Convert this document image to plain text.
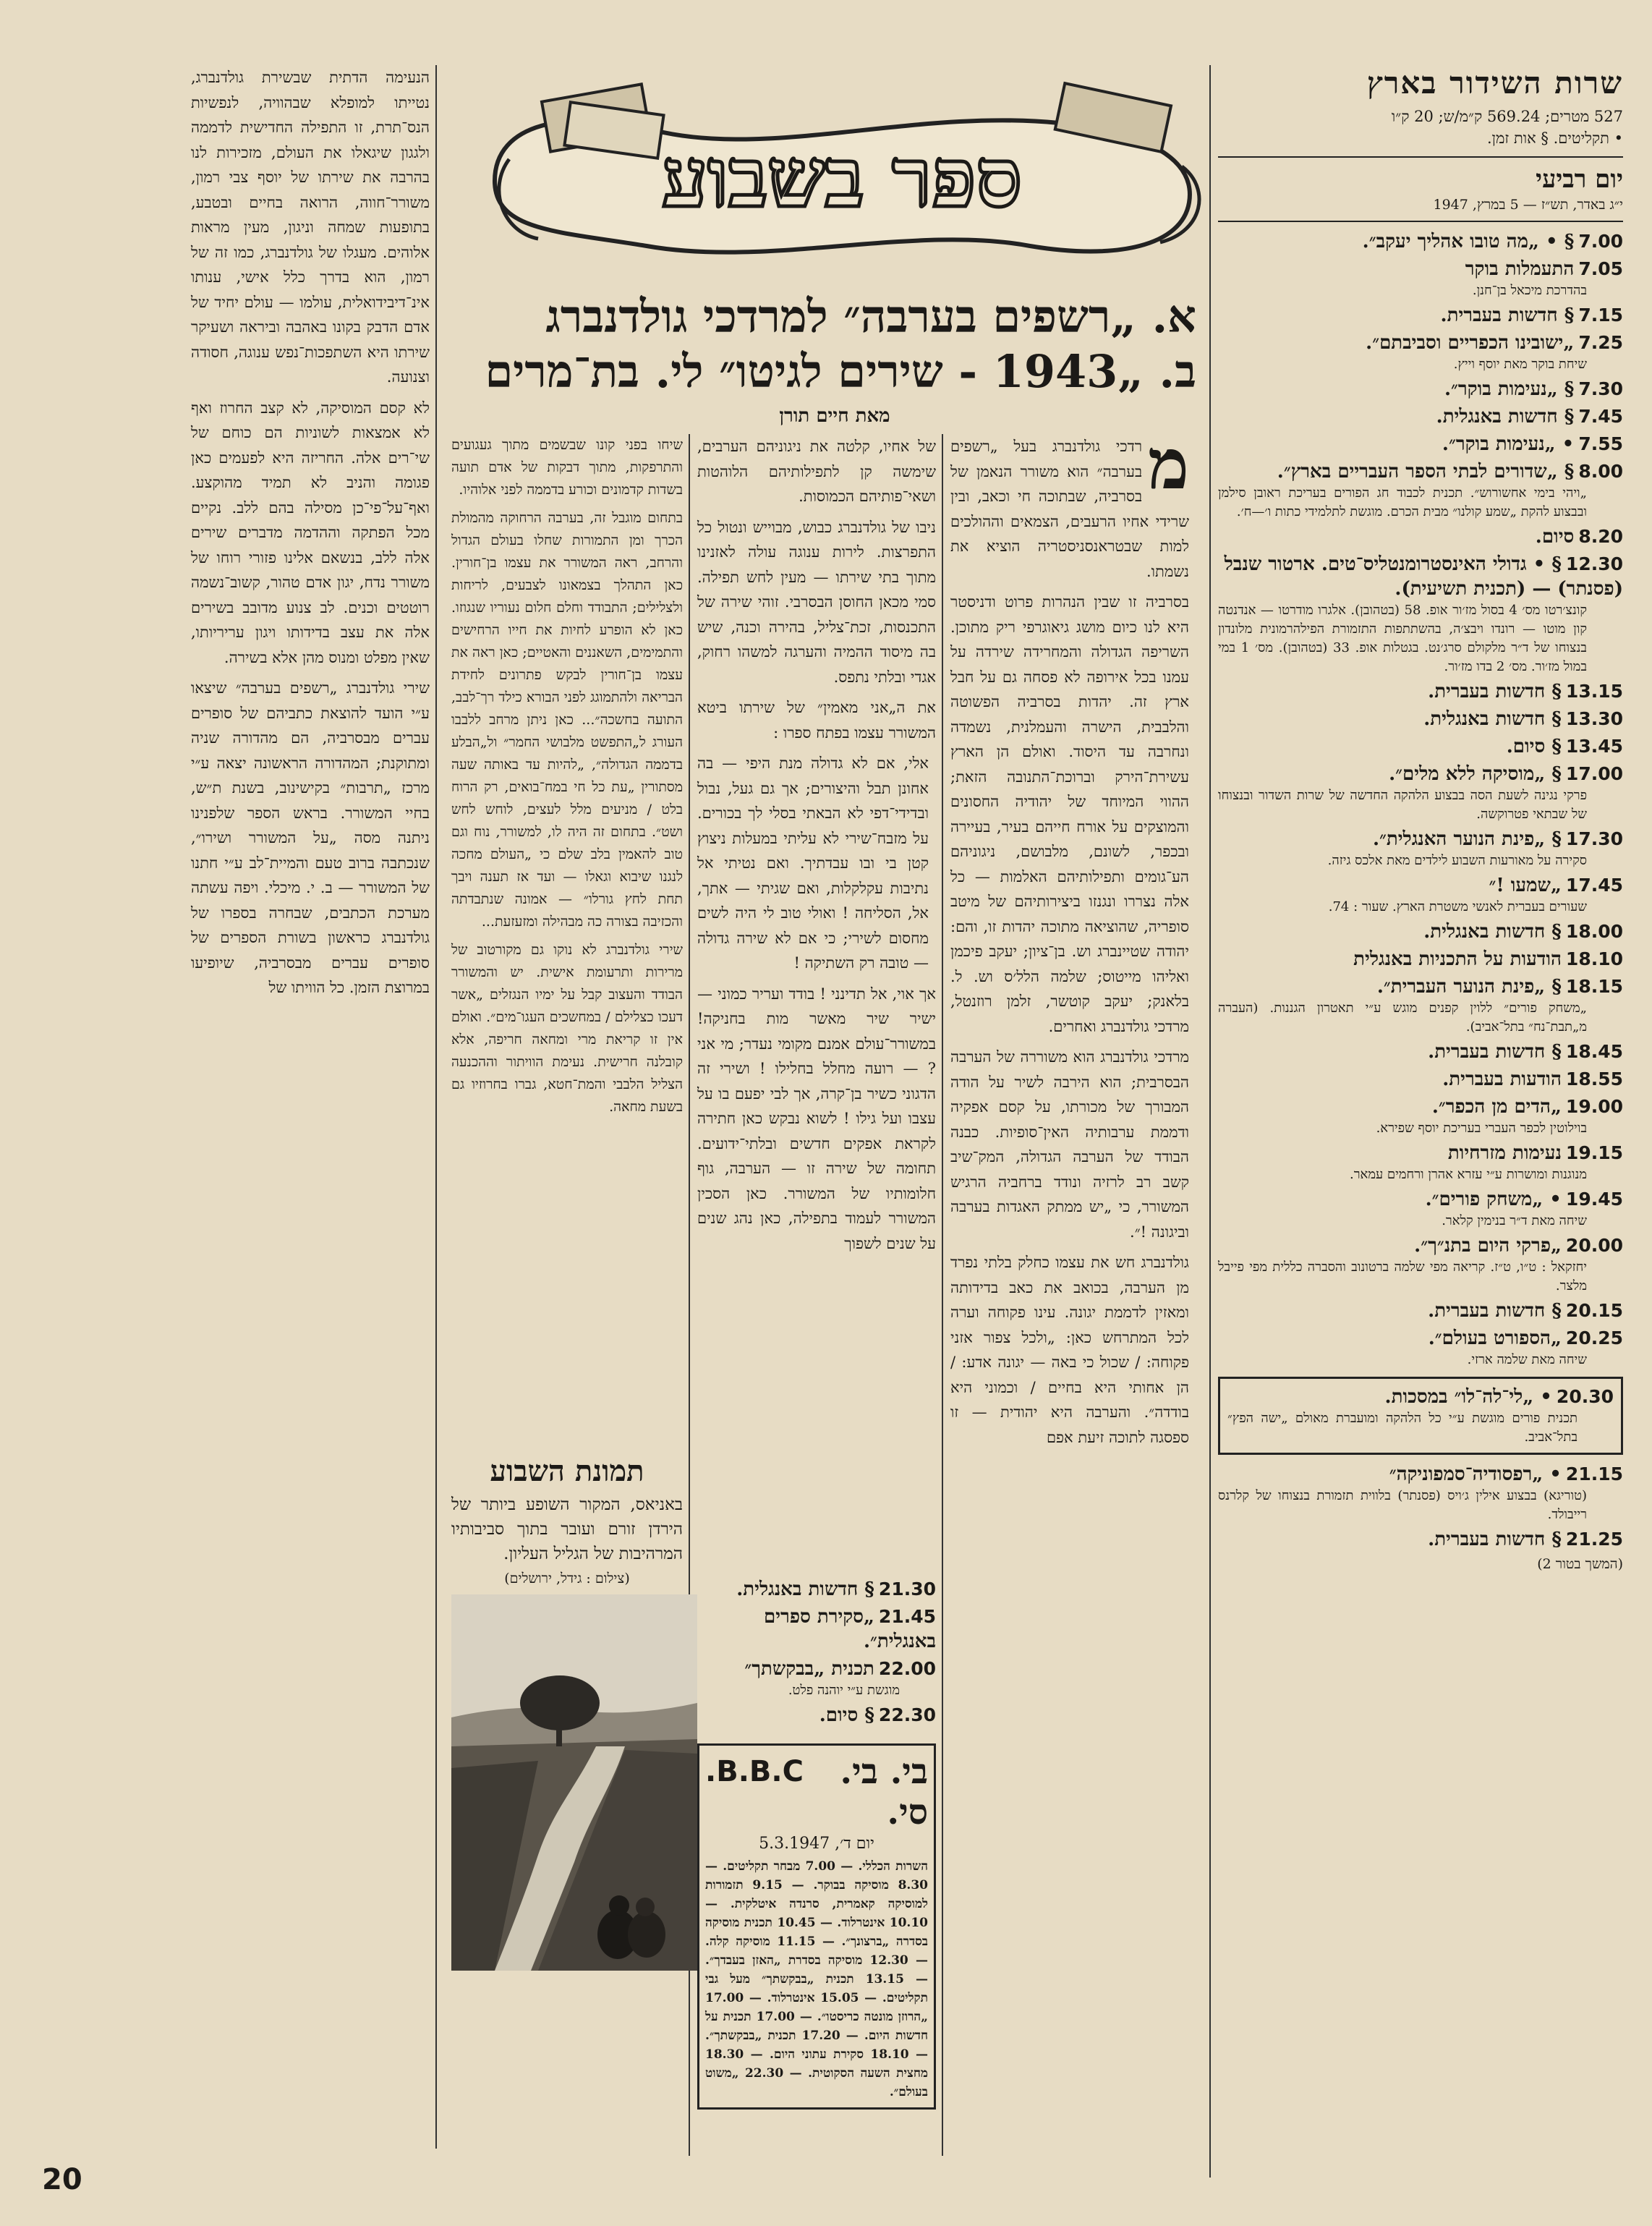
שרות השידור בארץ

527 מטרים; 569.24 ק״מ/ש; 20 ק״ו

• תקליטים. § אות זמן.

יום רביעי

י״ג באדר, תש״ז — 5 במרץ, 1947

7.00§ • „מה טובו אהליך יעקב״.
7.05התעמלות בוקר
בהדרכת מיכאל בן־חנן.
7.15§ חדשות בעברית.
7.25„ישובינו הכפריים וסביבתם״.
שיחת בוקר מאת יוסף וייץ.
7.30§ „נעימות בוקר״.
7.45§ חדשות באנגלית.
7.55• „נעימות בוקר״.
8.00§ „שדורים לבתי הספר העבריים בארץ״.
„ויהי בימי אחשורוש״. תכנית לכבוד חג הפורים בעריכת ראובן סילמן ובבצוע להקת „שמע קולנו״ מבית הכרם. מוגשת לתלמידי כתות ו׳—ח׳.
8.20סיום.
12.30§ • גדולי האינסטרומנטליס־טים. ארטור שנבל (פסנתר) — (תכנית תשיעית).
קונצ׳רטו מס׳ 4 בסול מז׳ור אופ. 58 (בטהובן). אלגרו מודרטו — אנדנטה קון מוטו — רונדו ויבצ׳ה, בהשתתפות התזמורת הפילהרמונית מלונדון בנצוחו של ד״ר מלקולם סרג׳נט. בגטלות אופ. 33 (בטהובן). מס׳ 1 במי במול מז׳ור. מס׳ 2 בדו מז׳ור.
13.15§ חדשות בעברית.
13.30§ חדשות באנגלית.
13.45§ סיום.
17.00§ „מוסיקה ללא מלים״.
פרקי נגינה לשעת הסה בבצוע הלהקה החדשה של שרות השדור ובנצוחו של שבתאי פטרוקשה.
17.30§ „פינת הנוער האנגלית״.
סקירה על מאורעות השבוע לילדים מאת אלכס גיזה.
17.45„שמעו !״
שעורים בעברית לאנשי משטרת הארץ. שעור : 74.
18.00§ חדשות באנגלית.
18.10הודעות על התכניות באנגלית
18.15§ „פינת הנוער העברית״.
„משחק פורים״ ללוין קפנים מוגש ע״י תאטרון הגננות. (העברה מ„תבת־נח״ בתל־אביב).
18.45§ חדשות בעברית.
18.55הודעות בעברית.
19.00„הדים מן הכפר״.
בוילוטין לכפר העברי בעריכת יוסף שפירא.
19.15נעימות מזרחיות
מנוגנות ומושרות ע״י עזרא אהרן ורחמים עמאר.
19.45• „משחק פורים״.
שיחה מאת ד״ר בנימין קלאר.
20.00„פרקי היום בתנ״ך״.
יחזקאל : ט״ו, ט״ז. קריאה מפי שלמה ברטונוב והסברה כללית מפי פייבל מלצר.
20.15§ חדשות בעברית.
20.25„הספורט בעולם״.
שיחה מאת שלמה ארזי.
20.30• „לי־לה־לו״ במסכות.
תכנית פורים מוגשת ע״י כל הלהקה ומועברת מאולם „ישה הפץ״ בתל־אביב.
21.15• „רפסודיה־סמפוניקה״
(טוריגא) בבצוע אילין ג׳ויס (פסנתר) בלווית תזמורת בנצוחו של קלרנס רייבולד.
21.25§ חדשות בעברית.
(המשך בטור 2)
ספר בשבוע

א. „רשפים בערבה״ למרדכי גולדנברג

ב. „1943 - שירים לגיטו״ לי. בת־מרים

מאת חיים תורן

מ

רדכי גולדנברג בעל „רשפים בערבה״ הוא משורר הנאמן של בסרביה, שבתוכה חי וכאב, ובין שרידי אחיו הרעבים, הצמאים וההולכים למות שבטראנסניסטריה הוציא את נשמתו.

בסרביה זו שבין הנהרות פרוט ודניסטר היא לנו כיום מושג גיאוגרפי ריק מתוכן. השריפה הגדולה והמחרידה שירדה על עמנו בכל אירופה לא פסחה גם על חבל ארץ זה. יהדות בסרביה הפשוטה והלבבית, הישרה והעמלנית, נשמדה ונחרבה עד היסוד. ואולם הן הארץ עשירת־הירק וברוכת־התנובה הזאת; ההווי המיוחד של יהודיה החסונים והמוצקים על אורח חייהם בעיר, בעיירה ובכפר, לשונם, מלבושם, ניגוניהם הע־גומים ותפילותיהם האלמות — כל אלה נצררו ונגנזו ביצירותיהם של מיטב סופריה, שהוציאה מתוכה יהדות זו, והם: יהודה שטיינברג וש. בן־ציון; יעקב פיכמן ואליהו מייטוס; שלמה הלל׳ס וש. ל. בלאנק; יעקב קוטשר, זלמן רוזנטל, מרדכי גולדנברג ואחרים.

מרדכי גולדנברג הוא משוררה של הערבה הבסרבית; הוא הירבה לשיר על הודה המבורך של מכורתו, על קסם אפקיה ודממת ערבותיה האין־סופיות. כבנה הבודד של הערבה הגדולה, המק־שיב קשב רב לרזיה ונודד ברחביה הרגיש המשורר, כי „יש ממתק האגדות בערבה וביגונה !״.

גולדנברג חש את עצמו כחלק בלתי נפרד מן הערבה, בכואב את כאב בדידותה ומאזין לדממת יגונה. עינו פקוחה וערה לכל המתרחש כאן: „ולכל צפור אזני פקוחה: / שכול כי באה — יגונה אדע: / הן אחותי היא בחיים / וכמוני היא בודדה״. והערבה היא יהודית — זו ספסגה לתוכה זיעת אפם

של אחיו, קלטה את ניגוניהם הערבים, שימשה קן לתפילותיהם הלוהטות ושאי־פותיהם הכמוסות.

ניבו של גולדנברג כבוש, מבוייש ונטול כל התפרצות. לירות ענוגה עולה לאזנינו מתוך בתי שירתו — מעין לחש תפילה. סמי מכאן החוסן הבסרבי. זוהי שירה של התכנסות, זכת־צליל, בהירה וכנה, שיש בה מיסוד ההמיה והערגה למשהו רחוק, אגדי ובלתי נתפס.

את ה„אני מאמין״ של שירתו ביטא המשורר עצמו בפתח ספרו :

אלי, אם לא גדולה מנת היפי — בה אחונן תבל והיצורים; אך גם געל, נבול ובדידי־דפי לא הבאתי בסלי לך בכורים. על מזבח־שירי לא עליתי במעלות ניצוץ קטן בי ובו עבדתיך. ואם נטיתי אל נתיבות עקלקלות, ואם שגיתי — אתך, אל, הסליחה ! ואולי טוב לי היה לשים מחסום לשירי; כי אם לא שירה גדולה — טובה רק השתיקה !

אך אוי, אל תדינני ! בודד ועריר כמוני — ישיר שיר מאשר מות בחניקה! במשורר־עולם אמנם מקומי נעדר; מי אני ? — רועה מחלל בחלילו ! ושירי זה הדגוני כשיר בן־קרה, אך לבי יפעם בו על עצבו ועל גילו ! לשוא נבקש כאן חתירה לקראת אפקים חדשים ובלתי־ידועים. תחומה של שירה זו — הערבה, גוף חלומותיו של המשורר. כאן הסכין המשורר לעמוד בתפילה, כאן נהג שנים על שנים לשפוך

שיחו בפני קונו שבשמים מתוך געגועים והתרפקות, מתוך דבקות של אדם תועה בשדות קדמונים וכורע בדממה לפני אלוהיו.

בתחום מוגבל זה, בערבה הרחוקה מהמולת הכרך ומן התמורות שחלו בעולם הגדול והרחב, ראה המשורר את עצמו בן־חורין. כאן התהלך בצמאונו לצבעים, לריחות ולצלילים; התבודד וחלם חלום נעוריו שנגוזו. כאן לא הופרע לחיות את חייו הרחישים והתמימים, השאננים והאטיים; כאן ראה את עצמו בן־חורין לבקש פתרונים לחידת הבריאה ולהתמוגג לפני הבורא כילד רך־לבב, התועה בחשכה״... כאן ניתן מרחב ללבבו העורג ל„התפשט מלבושי החמר״ ול„הבלע בדממה הגדולה״, „להיות עד באותה שעה מסתורין „עת כל חי במח־בואים, רק הרוח בלט / מניעים מלל לעצים, לוחש לחש ושט״. בתחום זה היה לו, למשורר, נוח וגם טוב להאמין בלב שלם כי „העולם מחכה לנגנו שיבוא וגאלו — ועד אז תענה ויבך תחת לחץ גורלו״ — אמונה שנתבדתה והכזיבה בצורה כה מבהילה ומזעזעת...

שירי גולדנברג לא נוקו גם מקורטוב של מרירות ותרעומת אישית. יש והמשורר הבודד והעצוב קבל על ימיו הנגזלים „אשר דעכו כצלילם / במחשכים העגו־מים״. ואולם אין זו קריאת מרי ומחאה חריפה, אלא קובלנה חרישית. נעימת הוויתור וההכנעה הצליל הלבבי והמת־חטא, גברו בחרוזיו גם בשעת מחאה.

הנעימה הדתית שבשירת גולדנברג, נטייתו למופלא שבהוויה, לנפשיות הנס־תרת, זו התפילה החדישית לדממה ולגגון שיגאלו את העולם, מזכירות לנו בהרבה את שירתו של יוסף צבי רמון, משורר־חווה, הרואה בחיים ובטבע, בתופעות שמחה וניגון, מעין מראות אלוהים. מעגלו של גולדנברג, כמו זה של רמון, הוא בדרך כלל אישי, ענותו אינ־דיבידואלית, עולמו — עולם יחיד של אדם הדבק בקונו באהבה וביראה ושעיקר שירתו היא השתפכות־נפש ענוגה, חסודה וצנועה.

לא קסם המוסיקה, לא קצב החרוז ואף לא אמצאות לשוניות הם כוחם של שי־רים אלה. החריזה היא לפעמים כאן פגומה והניב לא תמיד מהוקצע. ואף־על־פי־כן מסילה בהם ללב. נקיים מכל הפתקה וההדמה מדברים שירים אלה ללב, בנשאם אלינו פזורי רוחו של משורר נדח, יגון אדם טהור, קשוב־נשמה רוטטים וכנים. לב צנוע מדובב בשירים אלה את עצב בדידותו ויגון עריריותו, שאין מפלט ומנוס מהן אלא בשירה.

שירי גולדנברג „רשפים בערבה״ שיצאו ע״י הועד להוצאת כתביהם של סופרים עברים מבסרביה, הם מהדורה שניה ומתוקנת; המהדורה הראשונה יצאה ע״י מרכז „תרבות״ בקישינוב, בשנת ת״ש, בחיי המשורר. בראש הספר שלפנינו ניתנה מסה „על המשורר ושירו״, שנכתבה ברוב טעם והמיית־לב ע״י חתנו של המשורר — ב. י. מיכלי. ויפה עשתה מערכת הכתבים, שבחרה בספרו של גולדנברג כראשון בשורת הספרים של סופרים עברים מבסרביה, שיופיעו במרוצת הזמן. כל הוויתו של

תמונת השבוע

באניאס, המקור השופע ביותר של הירדן זורם ועובר בתוך סביבותיו המרהיבות של הגליל העליון.

(צילום : גידל, ירושלים)	21.30§ חדשות באנגלית.
21.45„סקירת ספרים באנגלית״.
22.00תכנית „בבקשתך״
מוגשת ע״י יוהנה פלט.
22.30§ סיום.
בי. בי. סי.
B.B.C.

יום ד׳, 5.3.1947

השרות הכללי. — 7.00 מבחר תקליטים. — 8.30 מוסיקה בבוקר. — 9.15 תזמורות למוסיקה קאמרית, סרנדה איטלקית. — 10.10 אינטרלוד. — 10.45 תכנית מוסיקה בסדרה „ברצונך״. — 11.15 מוסיקה קלה. — 12.30 מוסיקה בסדרת „האזן בעבדך״. — 13.15 תכנית „בבקשתך״ מעל גבי תקליטים. — 15.05 אינטרלוד. — 17.00 „הרוזן מונטה כריסטו״. — 17.00 תכנית על חדשות היום. — 17.20 תכנית „בבקשתך״. — 18.10 סקירת עתוני היום. — 18.30 מחצית השעה הסקוטית. — 22.30 „משוט בעולם״.

20
